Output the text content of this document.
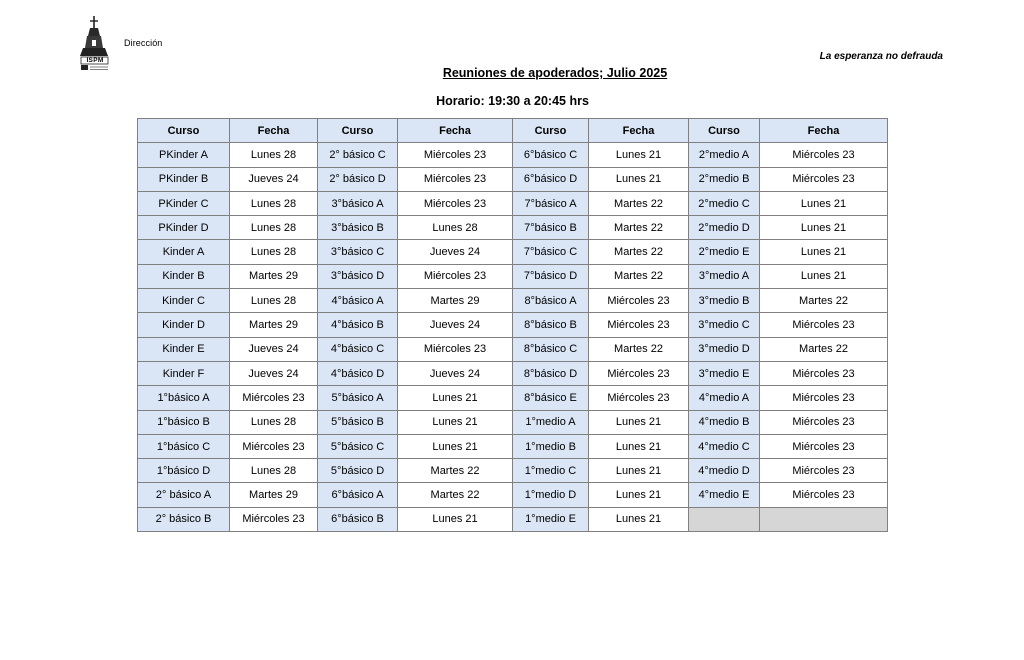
ISPM
Dirección
La esperanza no defrauda
Reuniones de apoderados; Julio 2025
Horario: 19:30 a 20:45 hrs
Curso	Fecha	Curso	Fecha	Curso	Fecha	Curso	Fecha
PKinder A	Lunes 28	2° básico C	Miércoles 23	6°básico C	Lunes 21	2°medio A	Miércoles 23
PKinder B	Jueves 24	2° básico D	Miércoles 23	6°básico D	Lunes 21	2°medio B	Miércoles 23
PKinder C	Lunes 28	3°básico A	Miércoles 23	7°básico A	Martes 22	2°medio C	Lunes 21
PKinder D	Lunes 28	3°básico B	Lunes 28	7°básico B	Martes 22	2°medio D	Lunes 21
Kinder A	Lunes 28	3°básico C	Jueves 24	7°básico C	Martes 22	2°medio E	Lunes 21
Kinder B	Martes 29	3°básico D	Miércoles 23	7°básico D	Martes 22	3°medio A	Lunes 21
Kinder C	Lunes 28	4°básico A	Martes 29	8°básico A	Miércoles 23	3°medio B	Martes 22
Kinder D	Martes 29	4°básico B	Jueves 24	8°básico B	Miércoles 23	3°medio C	Miércoles 23
Kinder E	Jueves 24	4°básico C	Miércoles 23	8°básico C	Martes 22	3°medio D	Martes 22
Kinder F	Jueves 24	4°básico D	Jueves 24	8°básico D	Miércoles 23	3°medio E	Miércoles 23
1°básico A	Miércoles 23	5°básico A	Lunes 21	8°básico E	Miércoles 23	4°medio A	Miércoles 23
1°básico B	Lunes 28	5°básico B	Lunes 21	1°medio A	Lunes 21	4°medio B	Miércoles 23
1°básico C	Miércoles 23	5°básico C	Lunes 21	1°medio B	Lunes 21	4°medio C	Miércoles 23
1°básico D	Lunes 28	5°básico D	Martes 22	1°medio C	Lunes 21	4°medio D	Miércoles 23
2° básico A	Martes 29	6°básico A	Martes 22	1°medio D	Lunes 21	4°medio E	Miércoles 23
2° básico B	Miércoles 23	6°básico B	Lunes 21	1°medio E	Lunes 21		
